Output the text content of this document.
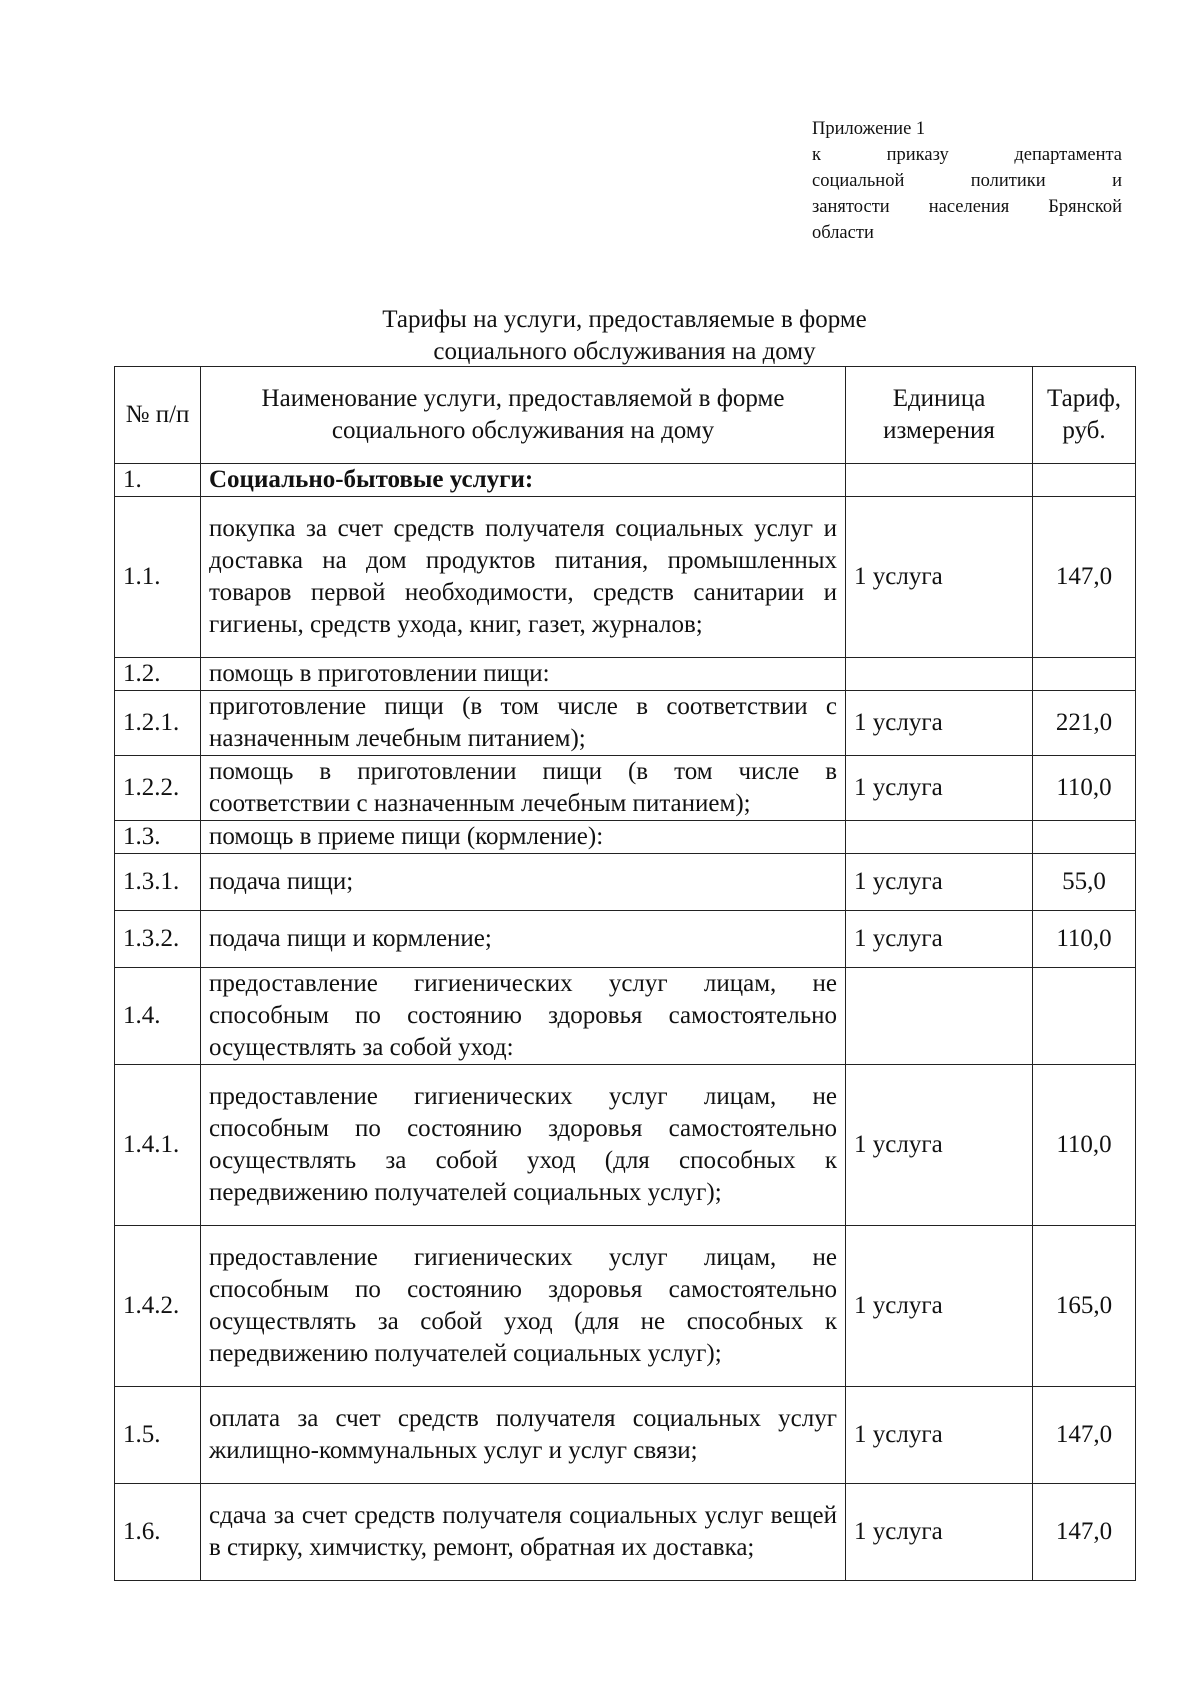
Приложение 1
к приказу департамента
социальной политики и
занятости населения Брянской
области
Тарифы на услуги, предоставляемые в форме
социального обслуживания на дому
№ п/п	Наименование услуги, предоставляемой в форме социального обслуживания на дому	Единица измерения	Тариф, руб.
1.	Социально-бытовые услуги:		
1.1.	покупка за счет средств получателя социальных услуг и доставка на дом продуктов питания, промышленных товаров первой необходимости, средств санитарии и гигиены, средств ухода, книг, газет, журналов;	1 услуга	147,0
1.2.	помощь в приготовлении пищи:		
1.2.1.	приготовление пищи (в том числе в соответствии с назначенным лечебным питанием);	1 услуга	221,0
1.2.2.	помощь в приготовлении пищи (в том числе в соответствии с назначенным лечебным питанием);	1 услуга	110,0
1.3.	помощь в приеме пищи (кормление):		
1.3.1.	подача пищи;	1 услуга	55,0
1.3.2.	подача пищи и кормление;	1 услуга	110,0
1.4.	предоставление гигиенических услуг лицам, не способным по состоянию здоровья самостоятельно осуществлять за собой уход:		
1.4.1.	предоставление гигиенических услуг лицам, не способным по состоянию здоровья самостоятельно осуществлять за собой уход (для способных к передвижению получателей социальных услуг);	1 услуга	110,0
1.4.2.	предоставление гигиенических услуг лицам, не способным по состоянию здоровья самостоятельно осуществлять за собой уход (для не способных к передвижению получателей социальных услуг);	1 услуга	165,0
1.5.	оплата за счет средств получателя социальных услуг жилищно-коммунальных услуг и услуг связи;	1 услуга	147,0
1.6.	сдача за счет средств получателя социальных услуг вещей в стирку, химчистку, ремонт, обратная их доставка;	1 услуга	147,0
